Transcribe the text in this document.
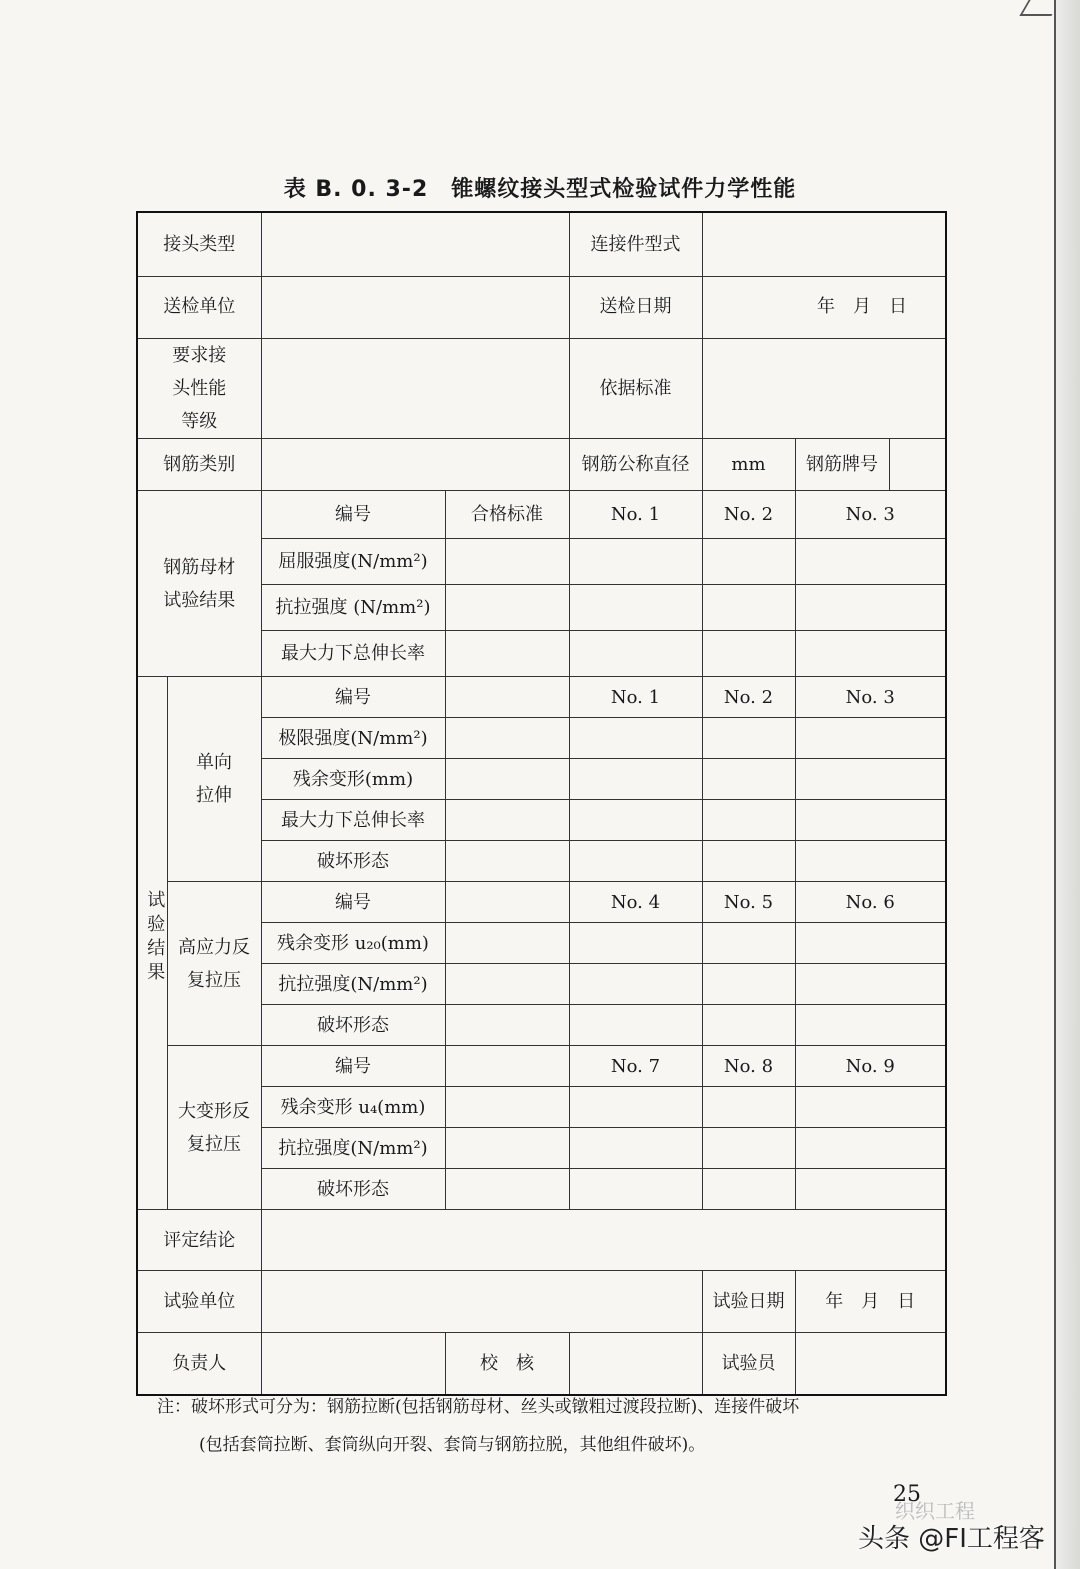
表 B. 0. 3-2　锥螺纹接头型式检验试件力学性能
接头类型				连接件型式			
送检单位				送检日期	年　月　日		
要求接头性能等级				依据标准			
钢筋类别				钢筋公称直径	mm	钢筋牌号	
钢筋母材试验结果		编号	合格标准	No. 1	No. 2	No. 3	
		屈服强度(N/mm²)					
		抗拉强度 (N/mm²)					
		最大力下总伸长率					
试验结果	单向拉伸	编号		No. 1	No. 2	No. 3	
		极限强度(N/mm²)					
		残余变形(mm)					
		最大力下总伸长率					
		破坏形态					
	高应力反复拉压	编号		No. 4	No. 5	No. 6	
		残余变形 u₂₀(mm)					
		抗拉强度(N/mm²)					
		破坏形态					
	大变形反复拉压	编号		No. 7	No. 8	No. 9	
		残余变形 u₄(mm)					
		抗拉强度(N/mm²)					
		破坏形态					
评定结论							
试验单位					试验日期	年　月　日	
负责人			校　核		试验员		
注：破坏形式可分为：钢筋拉断(包括钢筋母材、丝头或镦粗过渡段拉断)、连接件破坏
(包括套筒拉断、套筒纵向开裂、套筒与钢筋拉脱，其他组件破坏)。
25
织织工程
头条 @FI工程客
